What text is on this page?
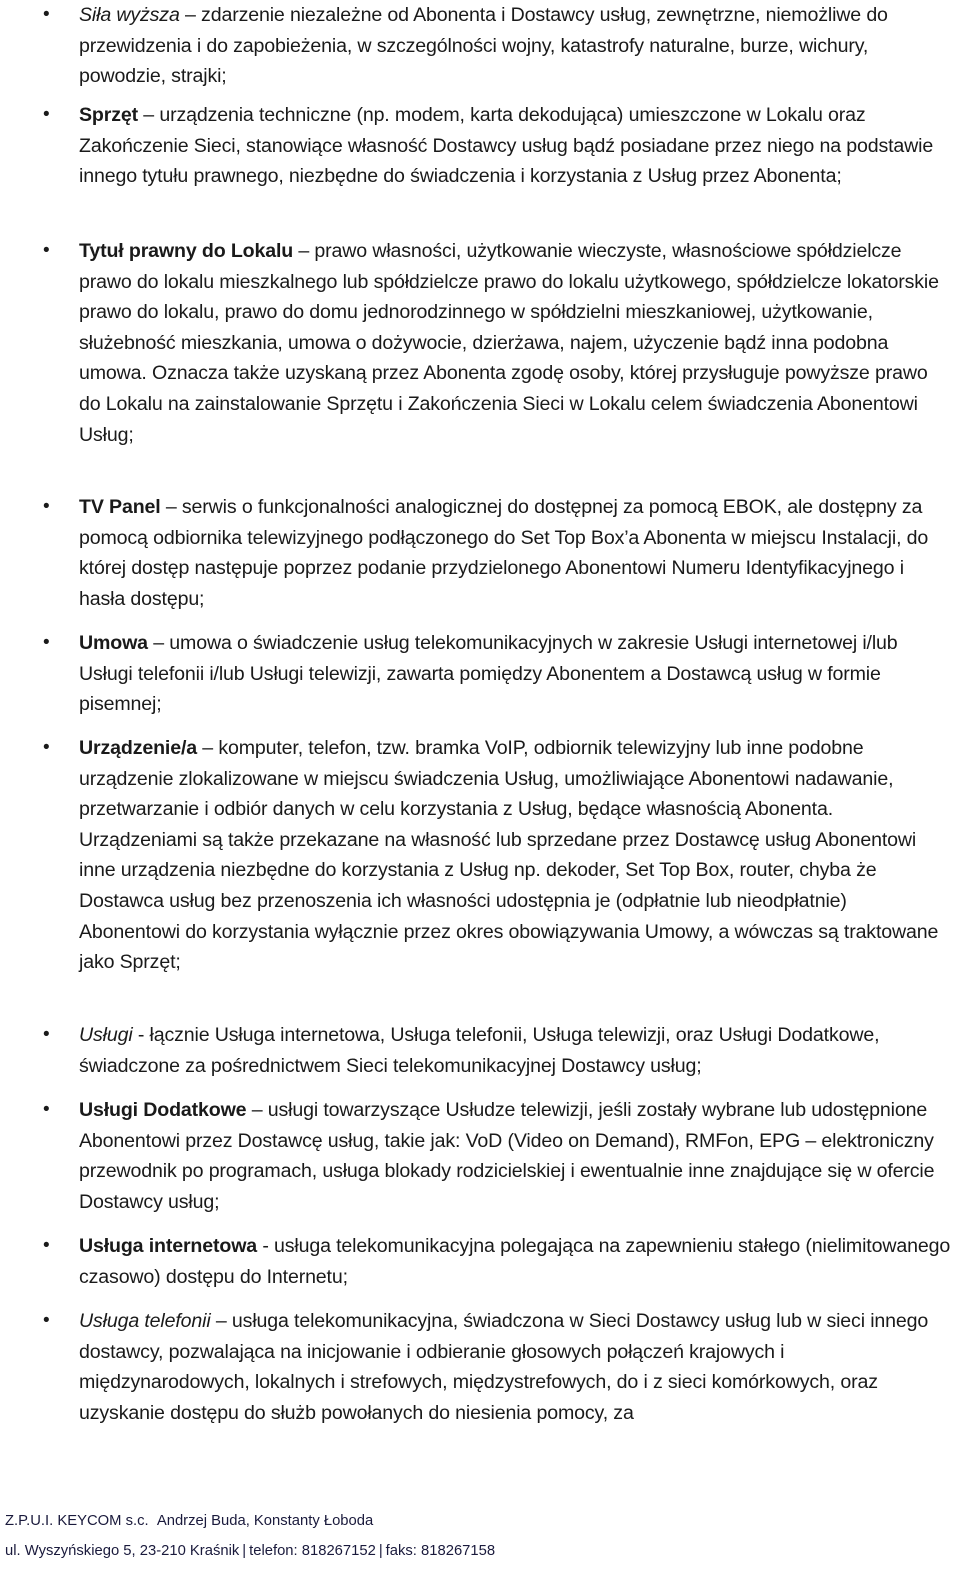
• Siła wyższa – zdarzenie niezależne od Abonenta i Dostawcy usług, zewnętrzne, niemożliwe do przewidzenia i do zapobieżenia, w szczególności wojny, katastrofy naturalne, burze, wichury, powodzie, strajki;
• Sprzęt – urządzenia techniczne (np. modem, karta dekodująca) umieszczone w Lokalu oraz Zakończenie Sieci, stanowiące własność Dostawcy usług bądź posiadane przez niego na podstawie innego tytułu prawnego, niezbędne do świadczenia i korzystania z Usług przez Abonenta;
• Tytuł prawny do Lokalu – prawo własności, użytkowanie wieczyste, własnościowe spółdzielcze prawo do lokalu mieszkalnego lub spółdzielcze prawo do lokalu użytkowego, spółdzielcze lokatorskie prawo do lokalu, prawo do domu jednorodzinnego w spółdzielni mieszkaniowej, użytkowanie, służebność mieszkania, umowa o dożywocie, dzierżawa, najem, użyczenie bądź inna podobna umowa. Oznacza także uzyskaną przez Abonenta zgodę osoby, której przysługuje powyższe prawo do Lokalu na zainstalowanie Sprzętu i Zakończenia Sieci w Lokalu celem świadczenia Abonentowi Usług;
• TV Panel – serwis o funkcjonalności analogicznej do dostępnej za pomocą EBOK, ale dostępny za pomocą odbiornika telewizyjnego podłączonego do Set Top Box’a Abonenta w miejscu Instalacji, do której dostęp następuje poprzez podanie przydzielonego Abonentowi Numeru Identyfikacyjnego i hasła dostępu;
• Umowa – umowa o świadczenie usług telekomunikacyjnych w zakresie Usługi internetowej i/lub Usługi telefonii i/lub Usługi telewizji, zawarta pomiędzy Abonentem a Dostawcą usług w formie pisemnej;
• Urządzenie/a – komputer, telefon, tzw. bramka VoIP, odbiornik telewizyjny lub inne podobne urządzenie zlokalizowane w miejscu świadczenia Usług, umożliwiające Abonentowi nadawanie, przetwarzanie i odbiór danych w celu korzystania z Usług, będące własnością Abonenta. Urządzeniami są także przekazane na własność lub sprzedane przez Dostawcę usług Abonentowi inne urządzenia niezbędne do korzystania z Usług np. dekoder, Set Top Box, router, chyba że Dostawca usług bez przenoszenia ich własności udostępnia je (odpłatnie lub nieodpłatnie) Abonentowi do korzystania wyłącznie przez okres obowiązywania Umowy, a wówczas są traktowane jako Sprzęt;
• Usługi - łącznie Usługa internetowa, Usługa telefonii, Usługa telewizji, oraz Usługi Dodatkowe, świadczone za pośrednictwem Sieci telekomunikacyjnej Dostawcy usług;
• Usługi Dodatkowe – usługi towarzyszące Usłudze telewizji, jeśli zostały wybrane lub udostępnione Abonentowi przez Dostawcę usług, takie jak: VoD (Video on Demand), RMFon, EPG – elektroniczny przewodnik po programach, usługa blokady rodzicielskiej i ewentualnie inne znajdujące się w ofercie Dostawcy usług;
• Usługa internetowa - usługa telekomunikacyjna polegająca na zapewnieniu stałego (nielimitowanego czasowo) dostępu do Internetu;
• Usługa telefonii – usługa telekomunikacyjna, świadczona w Sieci Dostawcy usług lub w sieci innego dostawcy, pozwalająca na inicjowanie i odbieranie głosowych połączeń krajowych i międzynarodowych, lokalnych i strefowych, międzystrefowych, do i z sieci komórkowych, oraz uzyskanie dostępu do służb powołanych do niesienia pomocy, za
Z.P.U.I. KEYCOM s.c. Andrzej Buda, Konstanty Łoboda
ul. Wyszyńskiego 5, 23-210 Kraśnik | telefon: 818267152 | faks: 818267158
